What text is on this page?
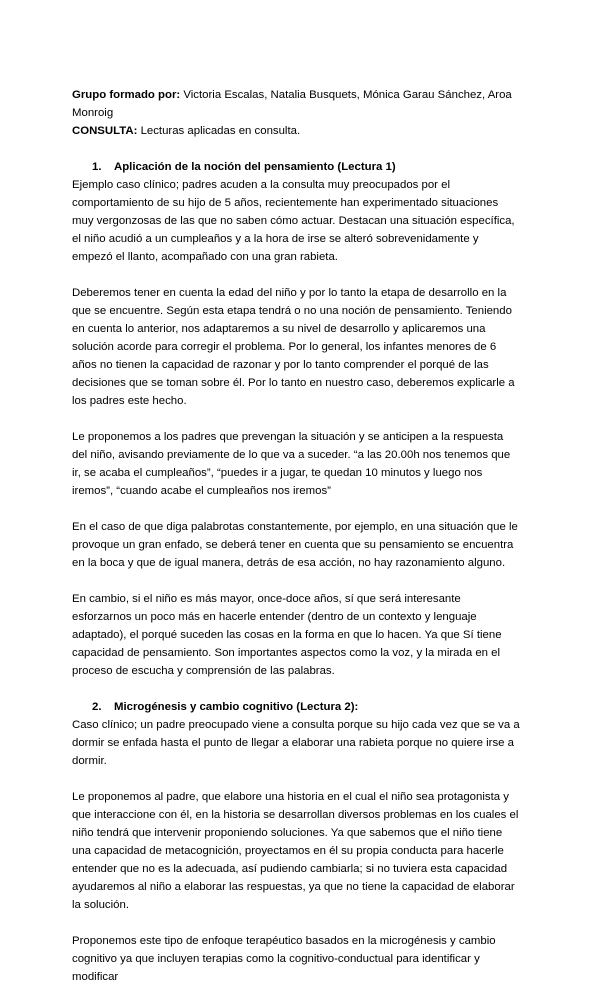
Grupo formado por: Victoria Escalas, Natalia Busquets, Mónica Garau Sánchez, Aroa Monroig

CONSULTA: Lecturas aplicadas en consulta.

1. Aplicación de la noción del pensamiento (Lectura 1)

Ejemplo caso clínico; padres acuden a la consulta muy preocupados por el comportamiento de su hijo de 5 años, recientemente han experimentado situaciones muy vergonzosas de las que no saben cómo actuar. Destacan una situación específica, el niño acudió a un cumpleaños y a la hora de irse se alteró sobrevenidamente y empezó el llanto, acompañado con una gran rabieta.

Deberemos tener en cuenta la edad del niño y por lo tanto la etapa de desarrollo en la que se encuentre. Según esta etapa tendrá o no una noción de pensamiento. Teniendo en cuenta lo anterior, nos adaptaremos a su nivel de desarrollo y aplicaremos una solución acorde para corregir el problema. Por lo general, los infantes menores de 6 años no tienen la capacidad de razonar y por lo tanto comprender el porqué de las decisiones que se toman sobre él. Por lo tanto en nuestro caso, deberemos explicarle a los padres este hecho.

Le proponemos a los padres que prevengan la situación y se anticipen a la respuesta del niño, avisando previamente de lo que va a suceder. “a las 20.00h nos tenemos que ir, se acaba el cumpleaños”, “puedes ir a jugar, te quedan 10 minutos y luego nos iremos”, “cuando acabe el cumpleaños nos iremos”

En el caso de que diga palabrotas constantemente, por ejemplo, en una situación que le provoque un gran enfado, se deberá tener en cuenta que su pensamiento se encuentra en la boca y que de igual manera, detrás de esa acción, no hay razonamiento alguno.

En cambio, si el niño es más mayor, once-doce años, sí que será interesante esforzarnos un poco más en hacerle entender (dentro de un contexto y lenguaje adaptado), el porqué suceden las cosas en la forma en que lo hacen. Ya que Sí tiene capacidad de pensamiento. Son importantes aspectos como la voz, y la mirada en el proceso de escucha y comprensión de las palabras.

2. Microgénesis y cambio cognitivo (Lectura 2):

Caso clínico; un padre preocupado viene a consulta porque su hijo cada vez que se va a dormir se enfada hasta el punto de llegar a elaborar una rabieta porque no quiere irse a dormir.

Le proponemos al padre, que elabore una historia en el cual el niño sea protagonista y que interaccione con él, en la historia se desarrollan diversos problemas en los cuales el niño tendrá que intervenir proponiendo soluciones. Ya que sabemos que el niño tiene una capacidad de metacognición, proyectamos en él su propia conducta para hacerle entender que no es la adecuada, así pudiendo cambiarla; si no tuviera esta capacidad ayudaremos al niño a elaborar las respuestas, ya que no tiene la capacidad de elaborar la solución.

Proponemos este tipo de enfoque terapéutico basados en la microgénesis y cambio cognitivo ya que incluyen terapias como la cognitivo-conductual para identificar y modificar
